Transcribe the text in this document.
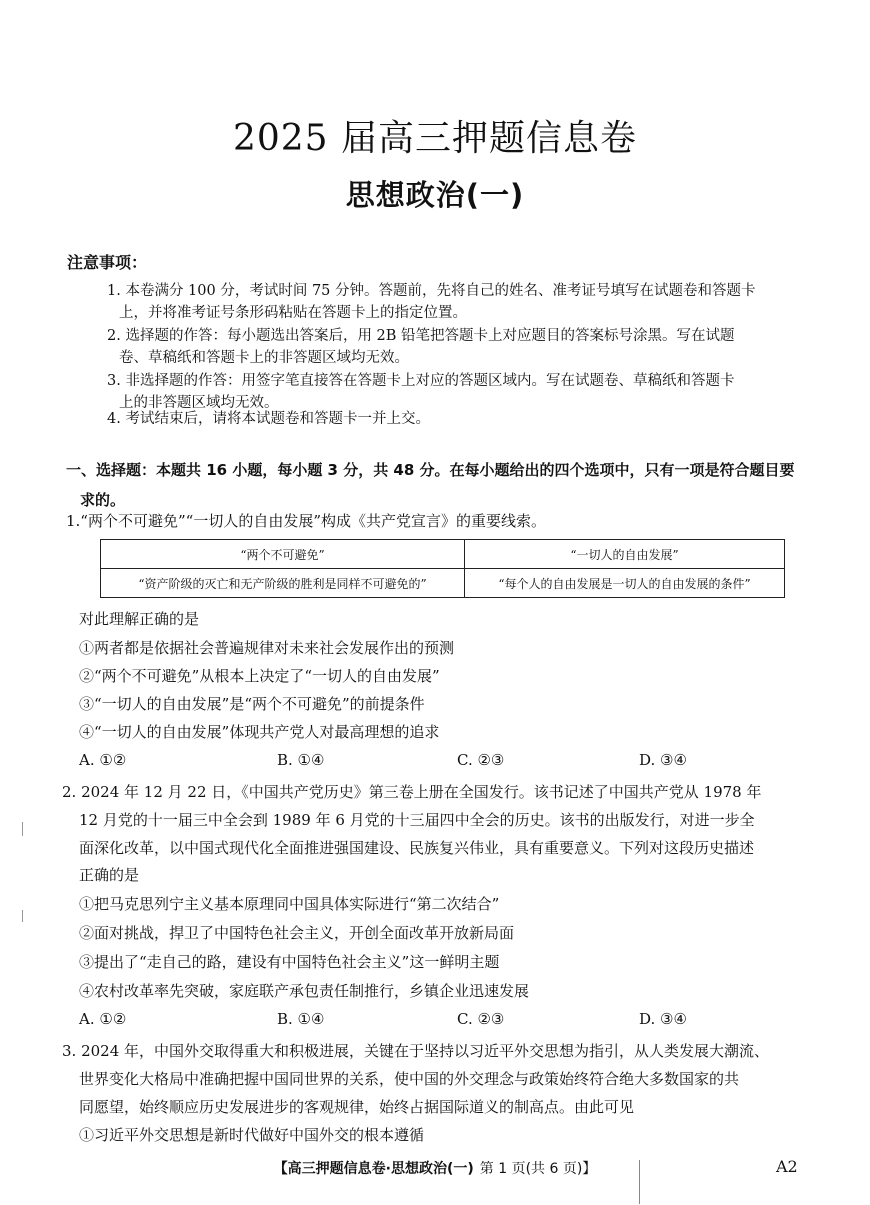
2025 届高三押题信息卷
思想政治(一)
注意事项：
1. 本卷满分 100 分，考试时间 75 分钟。答题前，先将自己的姓名、准考证号填写在试题卷和答题卡
上，并将准考证号条形码粘贴在答题卡上的指定位置。
2. 选择题的作答：每小题选出答案后，用 2B 铅笔把答题卡上对应题目的答案标号涂黑。写在试题
卷、草稿纸和答题卡上的非答题区域均无效。
3. 非选择题的作答：用签字笔直接答在答题卡上对应的答题区域内。写在试题卷、草稿纸和答题卡
上的非答题区域均无效。
4. 考试结束后，请将本试题卷和答题卡一并上交。
一、选择题：本题共 16 小题，每小题 3 分，共 48 分。在每小题给出的四个选项中，只有一项是符合题目要
求的。
1.“两个不可避免”“一切人的自由发展”构成《共产党宣言》的重要线索。
“两个不可避免”	“一切人的自由发展”
“资产阶级的灭亡和无产阶级的胜利是同样不可避免的”	“每个人的自由发展是一切人的自由发展的条件”
对此理解正确的是
①两者都是依据社会普遍规律对未来社会发展作出的预测
②“两个不可避免”从根本上决定了“一切人的自由发展”
③“一切人的自由发展”是“两个不可避免”的前提条件
④“一切人的自由发展”体现共产党人对最高理想的追求
A. ①②	B. ①④	C. ②③	D. ③④
2. 2024 年 12 月 22 日，《中国共产党历史》第三卷上册在全国发行。该书记述了中国共产党从 1978 年
12 月党的十一届三中全会到 1989 年 6 月党的十三届四中全会的历史。该书的出版发行，对进一步全
面深化改革，以中国式现代化全面推进强国建设、民族复兴伟业，具有重要意义。下列对这段历史描述
正确的是
①把马克思列宁主义基本原理同中国具体实际进行“第二次结合”
②面对挑战，捍卫了中国特色社会主义，开创全面改革开放新局面
③提出了“走自己的路，建设有中国特色社会主义”这一鲜明主题
④农村改革率先突破，家庭联产承包责任制推行，乡镇企业迅速发展
A. ①②	B. ①④	C. ②③	D. ③④
3. 2024 年，中国外交取得重大和积极进展，关键在于坚持以习近平外交思想为指引，从人类发展大潮流、
世界变化大格局中准确把握中国同世界的关系，使中国的外交理念与政策始终符合绝大多数国家的共
同愿望，始终顺应历史发展进步的客观规律，始终占据国际道义的制高点。由此可见
①习近平外交思想是新时代做好中国外交的根本遵循
【高三押题信息卷·思想政治(一) 第 1 页(共 6 页)】	A2
